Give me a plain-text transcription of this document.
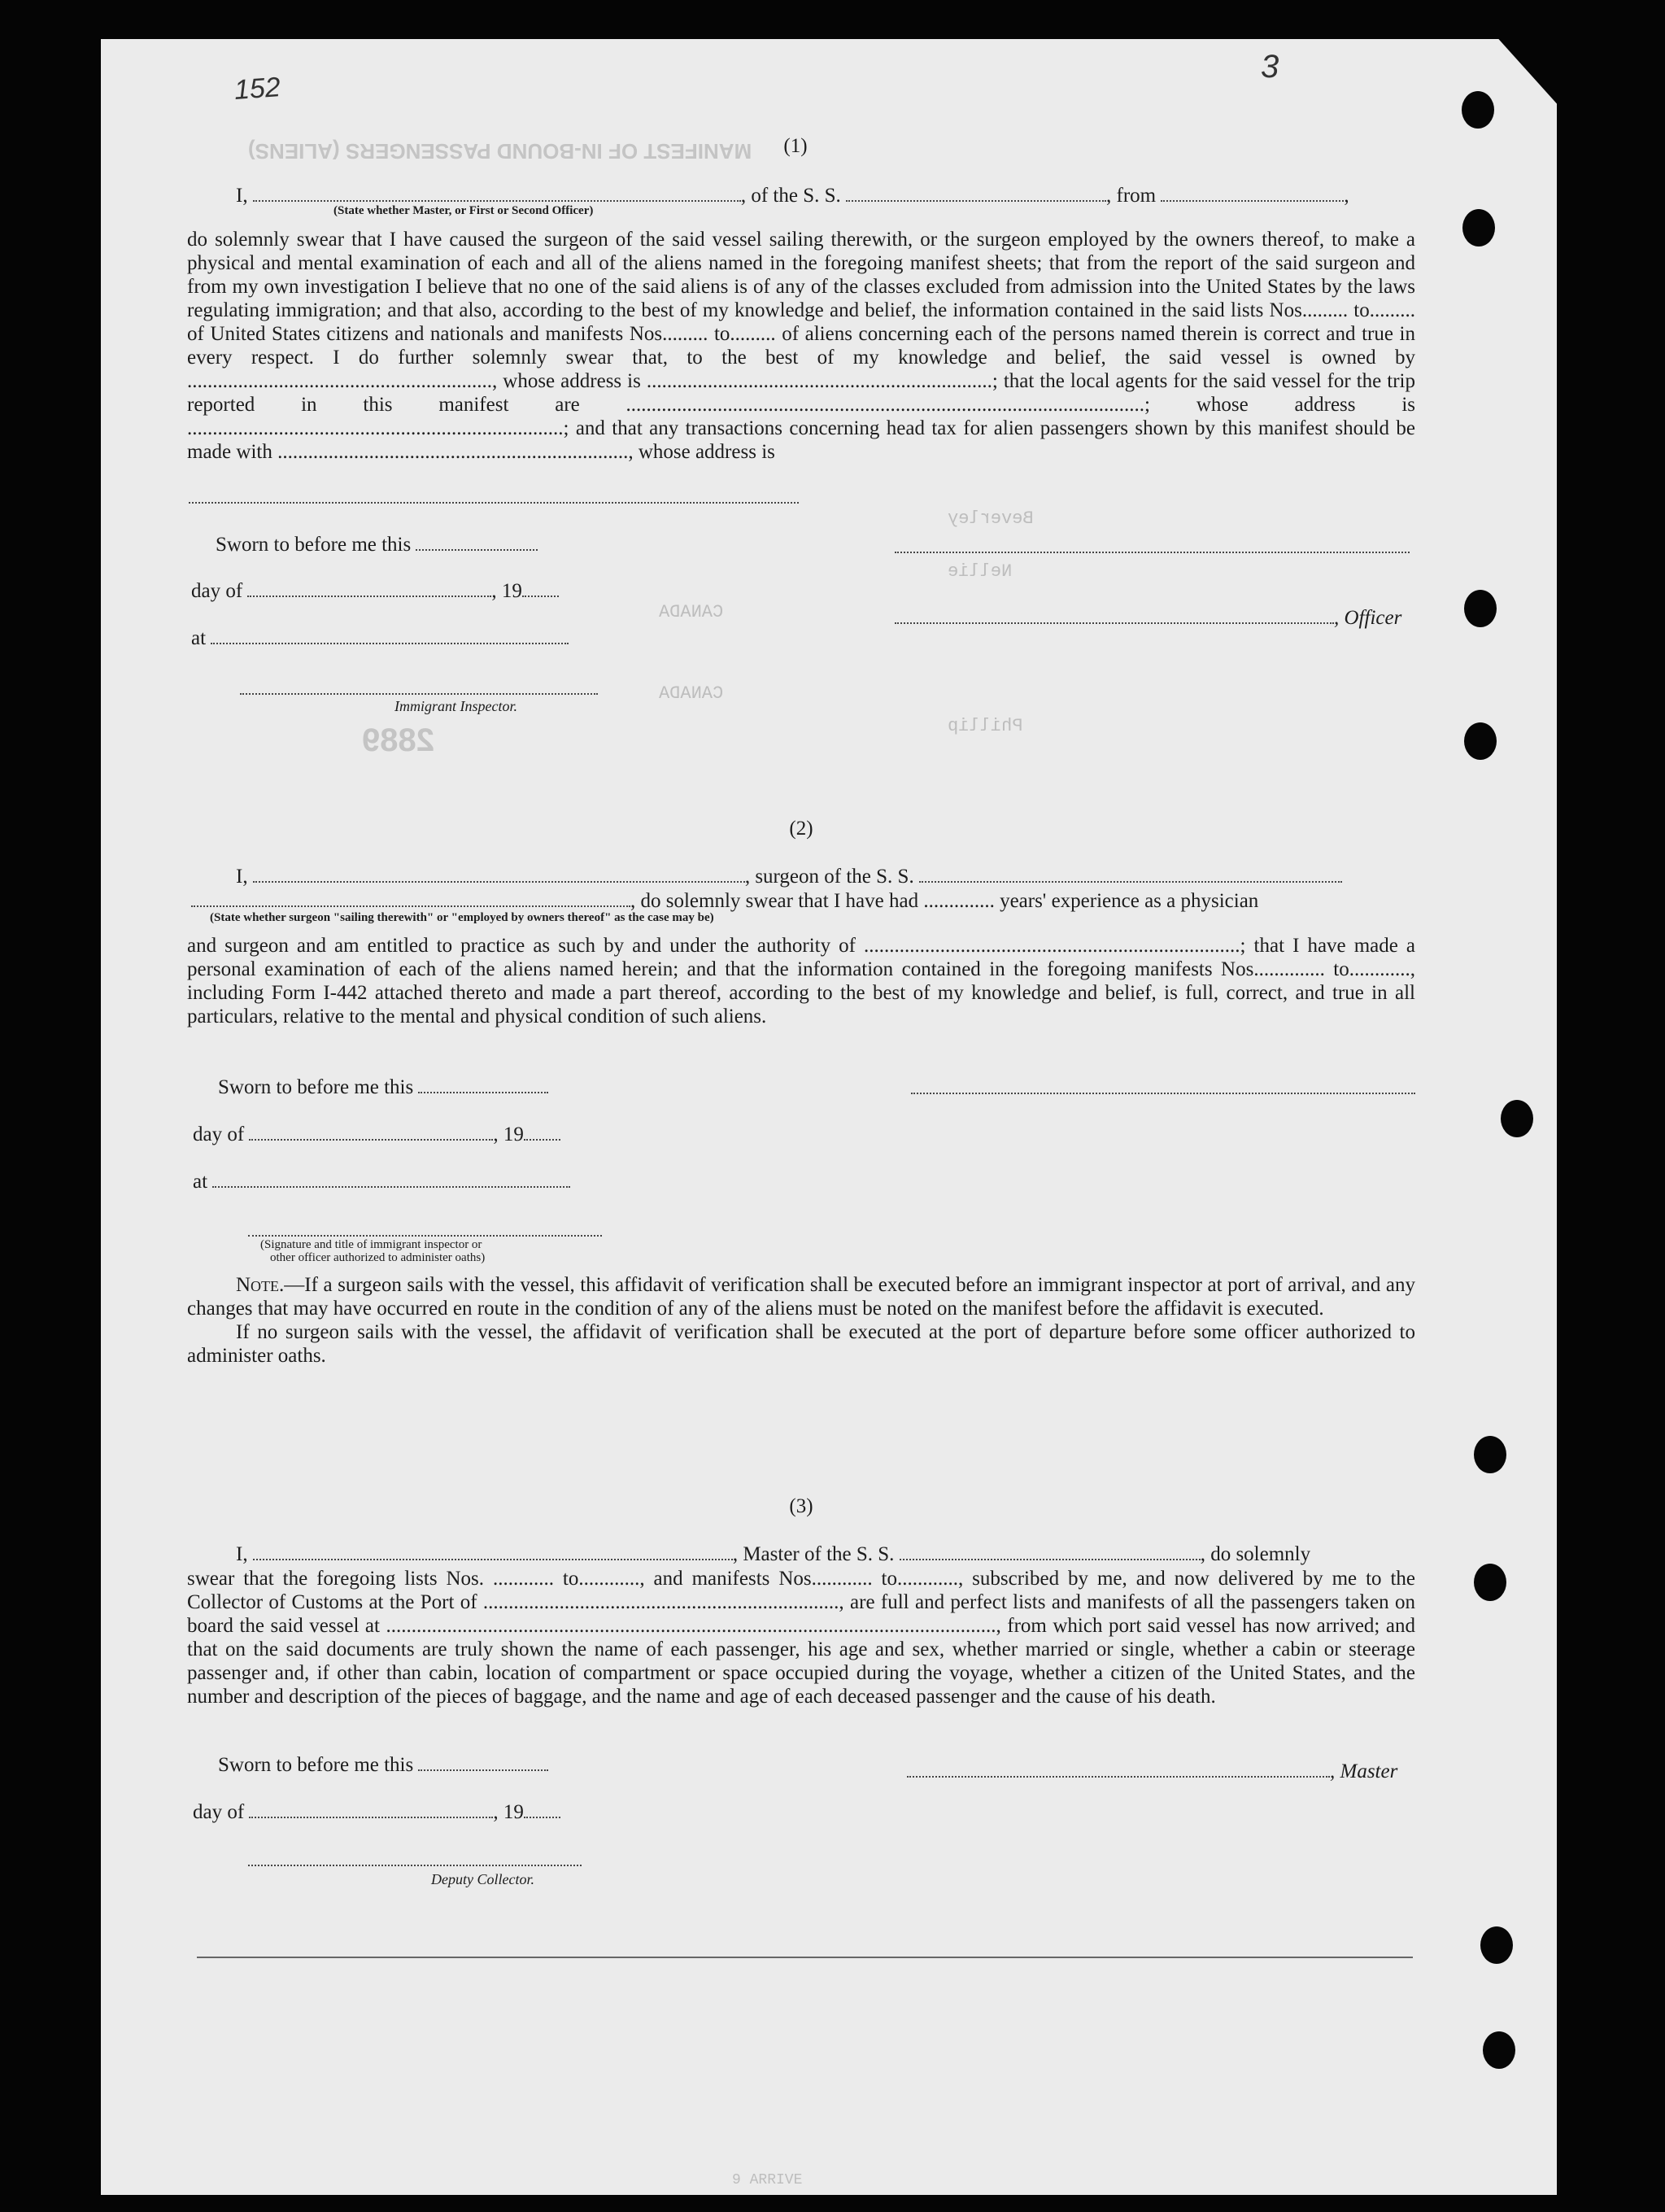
MANIFEST OF IN-BOUND PASSENGERS (ALIENS)
Beverley
Nellie
CANADA
CANADA
Phillip
2889
152
3
(1)
I,	, of the S. S.	, from	,
(State whether Master, or First or Second Officer)

do solemnly swear that I have caused the surgeon of the said vessel sailing therewith, or the surgeon employed by the owners thereof, to make a physical and mental examination of each and all of the aliens named in the foregoing manifest sheets; that from the report of the said surgeon and from my own investigation I believe that no one of the said aliens is of any of the classes excluded from admission into the United States by the laws regulating immigration; and that also, according to the best of my knowledge and belief, the information contained in the said lists Nos......... to......... of United States citizens and nationals and manifests Nos......... to......... of aliens concerning each of the persons named therein is correct and true in every respect. I do further solemnly swear that, to the best of my knowledge and belief, the said vessel is owned by ............................................................, whose address is ....................................................................; that the local agents for the said vessel for the trip reported in this manifest are ......................................................................................................; whose address is ..........................................................................; and that any transactions concerning head tax for alien passengers shown by this manifest should be made with ....................................................................., whose address is

Sworn to before me this
day of	, 19
at
Immigrant Inspector.
, Officer
(2)
I,	, surgeon of the S. S.
, do solemnly swear that I have had .............. years' experience as a physician
(State whether surgeon "sailing therewith" or "employed by owners thereof" as the case may be)

and surgeon and am entitled to practice as such by and under the authority of ..........................................................................; that I have made a personal examination of each of the aliens named herein; and that the information contained in the foregoing manifests Nos.............. to............, including Form I-442 attached thereto and made a part thereof, according to the best of my knowledge and belief, is full, correct, and true in all particulars, relative to the mental and physical condition of such aliens.

Sworn to before me this
day of	, 19
at
(Signature and title of immigrant inspector or
other officer authorized to administer oaths)

Note.—If a surgeon sails with the vessel, this affidavit of verification shall be executed before an immigrant inspector at port of arrival, and any changes that may have occurred en route in the condition of any of the aliens must be noted on the manifest before the affidavit is executed.

If no surgeon sails with the vessel, the affidavit of verification shall be executed at the port of departure before some officer authorized to administer oaths.

(3)
I,	, Master of the S. S.	, do solemnly

swear that the foregoing lists Nos. ............ to............, and manifests Nos............ to............, subscribed by me, and now delivered by me to the Collector of Customs at the Port of ......................................................................, are full and perfect lists and manifests of all the passengers taken on board the said vessel at ........................................................................................................................, from which port said vessel has now arrived; and that on the said documents are truly shown the name of each passenger, his age and sex, whether married or single, whether a cabin or steerage passenger and, if other than cabin, location of compartment or space occupied during the voyage, whether a citizen of the United States, and the number and description of the pieces of baggage, and the name and age of each deceased passenger and the cause of his death.

Sworn to before me this
day of	, 19
Deputy Collector.
, Master
9 ARRIVE
